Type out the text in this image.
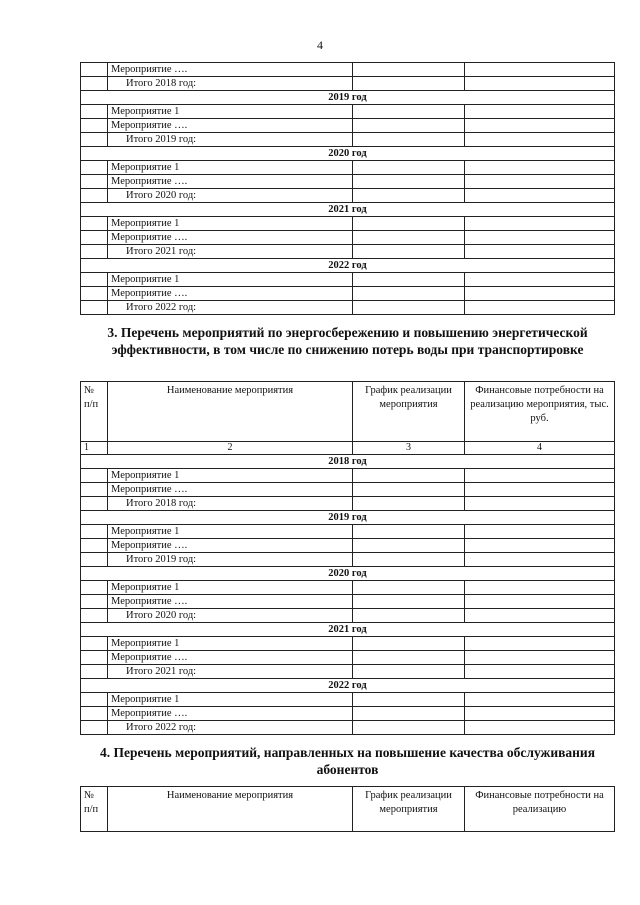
4
	Мероприятие ….		
	Итого 2018 год:		
2019 год			
	Мероприятие 1		
	Мероприятие ….		
	Итого 2019 год:		
2020 год			
	Мероприятие 1		
	Мероприятие ….		
	Итого 2020 год:		
2021 год			
	Мероприятие 1		
	Мероприятие ….		
	Итого 2021 год:		
2022 год			
	Мероприятие 1		
	Мероприятие ….		
	Итого 2022 год:		
3. Перечень мероприятий по энергосбережению и повышению энергетической эффективности, в том числе по снижению потерь воды при транспортировке
№ п/п	Наименование мероприятия	График реализации мероприятия	Финансовые потребности на реализацию мероприятия, тыс. руб.
1	2	3	4
2018 год			
	Мероприятие 1		
	Мероприятие ….		
	Итого 2018 год:		
2019 год			
	Мероприятие 1		
	Мероприятие ….		
	Итого 2019 год:		
2020 год			
	Мероприятие 1		
	Мероприятие ….		
	Итого 2020 год:		
2021 год			
	Мероприятие 1		
	Мероприятие ….		
	Итого 2021 год:		
2022 год			
	Мероприятие 1		
	Мероприятие ….		
	Итого 2022 год:		
4. Перечень мероприятий, направленных на повышение качества обслуживания абонентов
№ п/п	Наименование мероприятия	График реализации мероприятия	Финансовые потребности на реализацию
